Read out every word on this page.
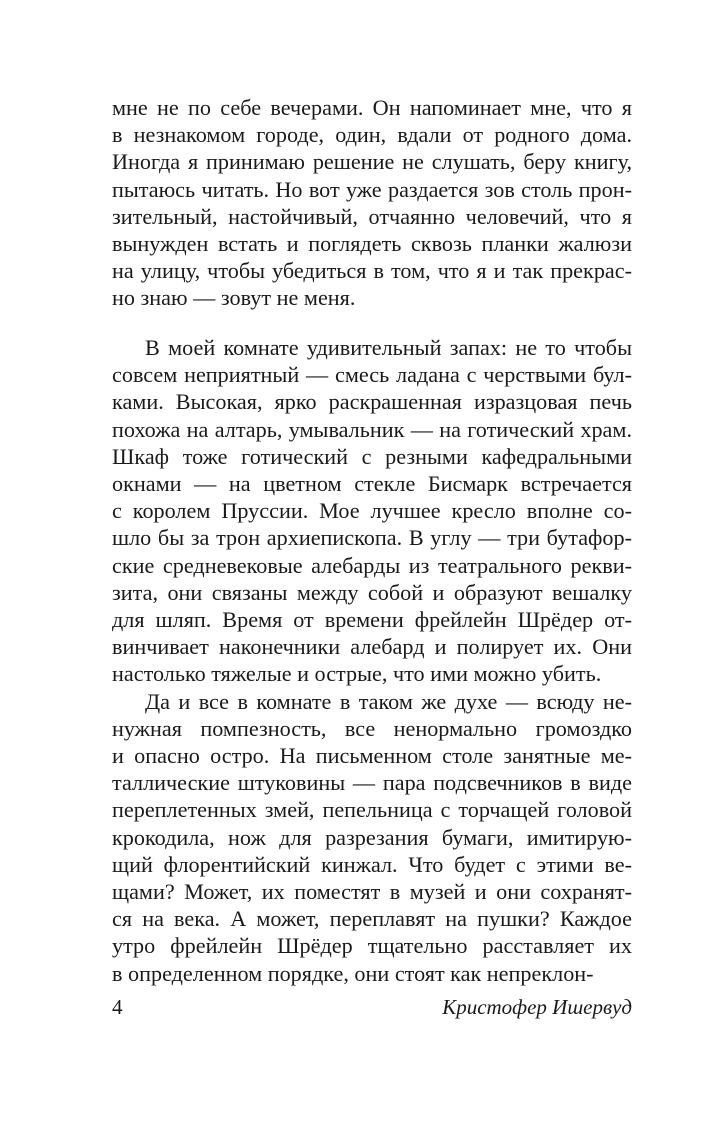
мне не по себе вечерами. Он напоминает мне, что я
в незнакомом городе, один, вдали от родного дома.
Иногда я принимаю решение не слушать, беру книгу,
пытаюсь читать. Но вот уже раздается зов столь прон-
зительный, настойчивый, отчаянно человечий, что я
вынужден встать и поглядеть сквозь планки жалюзи
на улицу, чтобы убедиться в том, что я и так прекрас-
но знаю — зовут не меня.
В моей комнате удивительный запах: не то чтобы
совсем неприятный — смесь ладана с черствыми бул-
ками. Высокая, ярко раскрашенная изразцовая печь
похожа на алтарь, умывальник — на готический храм.
Шкаф тоже готический с резными кафедральными
окнами — на цветном стекле Бисмарк встречается
с королем Пруссии. Мое лучшее кресло вполне со-
шло бы за трон архиепископа. В углу — три бутафор-
ские средневековые алебарды из театрального рекви-
зита, они связаны между собой и образуют вешалку
для шляп. Время от времени фрейлейн Шрёдер от-
винчивает наконечники алебард и полирует их. Они
настолько тяжелые и острые, что ими можно убить.
Да и все в комнате в таком же духе — всюду не-
нужная помпезность, все ненормально громоздко
и опасно остро. На письменном столе занятные ме-
таллические штуковины — пара подсвечников в виде
переплетенных змей, пепельница с торчащей головой
крокодила, нож для разрезания бумаги, имитирую-
щий флорентийский кинжал. Что будет с этими ве-
щами? Может, их поместят в музей и они сохранят-
ся на века. А может, переплавят на пушки? Каждое
утро фрейлейн Шрёдер тщательно расставляет их
в определенном порядке, они стоят как непреклон-
4	Кристофер Ишервуд
